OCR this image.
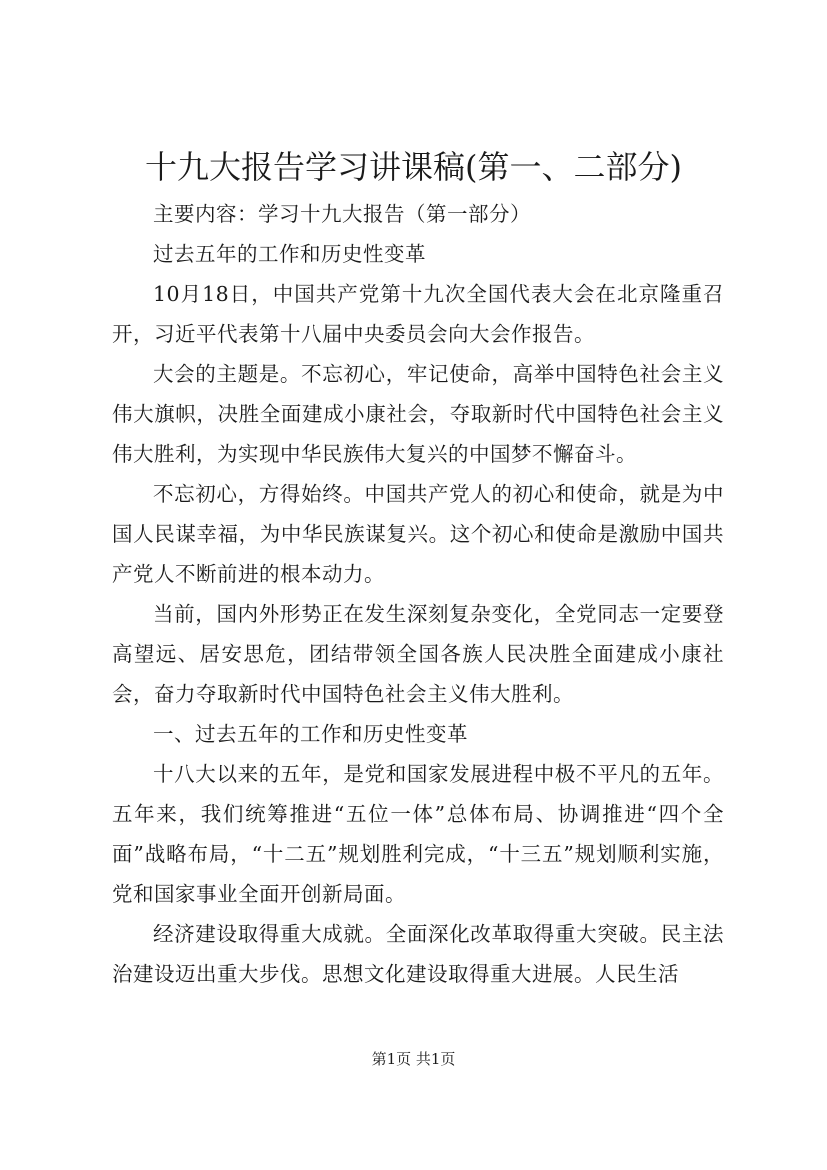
十九大报告学习讲课稿(第一、二部分)

主要内容：学习十九大报告（第一部分）

过去五年的工作和历史性变革

10月18日，中国共产党第十九次全国代表大会在北京隆重召开，习近平代表第十八届中央委员会向大会作报告。

大会的主题是。不忘初心，牢记使命，高举中国特色社会主义伟大旗帜，决胜全面建成小康社会，夺取新时代中国特色社会主义伟大胜利，为实现中华民族伟大复兴的中国梦不懈奋斗。

不忘初心，方得始终。中国共产党人的初心和使命，就是为中国人民谋幸福，为中华民族谋复兴。这个初心和使命是激励中国共产党人不断前进的根本动力。

当前，国内外形势正在发生深刻复杂变化，全党同志一定要登高望远、居安思危，团结带领全国各族人民决胜全面建成小康社会，奋力夺取新时代中国特色社会主义伟大胜利。

一、过去五年的工作和历史性变革

十八大以来的五年，是党和国家发展进程中极不平凡的五年。五年来，我们统筹推进“五位一体”总体布局、协调推进“四个全面”战略布局，“十二五”规划胜利完成，“十三五”规划顺利实施，党和国家事业全面开创新局面。

经济建设取得重大成就。全面深化改革取得重大突破。民主法治建设迈出重大步伐。思想文化建设取得重大进展。人民生活

第1页 共1页
